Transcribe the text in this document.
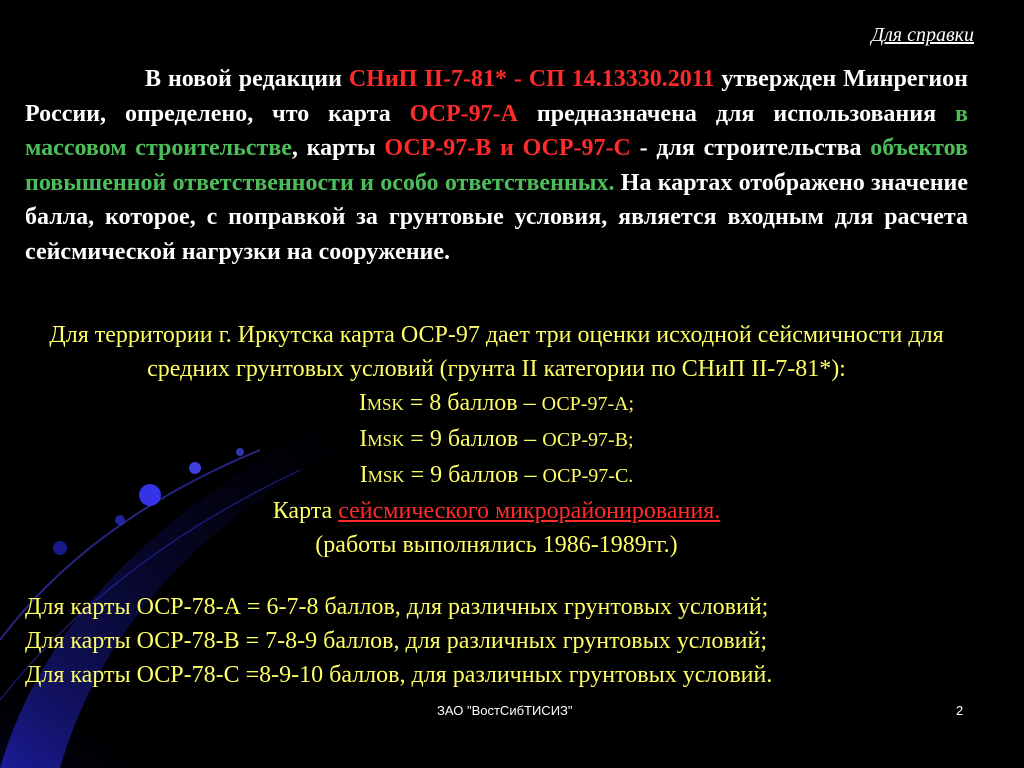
Для справки
В новой редакции СНиП II-7-81* - СП 14.13330.2011 утвержден Минрегион России, определено, что карта ОСР-97-А предназначена для использования в массовом строительстве, карты ОСР-97-В и ОСР-97-С - для строительства объектов повышенной ответственности и особо ответственных. На картах отображено значение балла, которое, с поправкой за грунтовые условия, является входным для расчета сейсмической нагрузки на сооружение.
Для территории г. Иркутска карта ОСР-97 дает три оценки исходной сейсмичности для средних грунтовых условий (грунта II категории по СНиП II-7-81*):
IMSK = 8 баллов – ОСР-97-А;
IMSK = 9 баллов – ОСР-97-В;
IMSK = 9 баллов – ОСР-97-С.
Карта сейсмического микрорайонирования.
(работы выполнялись 1986-1989гг.)
Для карты ОСР-78-А = 6-7-8 баллов, для различных грунтовых условий;
Для карты ОСР-78-В = 7-8-9 баллов, для различных грунтовых условий;
Для карты ОСР-78-С =8-9-10 баллов, для различных грунтовых условий.
ЗАО "ВостСибТИСИЗ"	2
